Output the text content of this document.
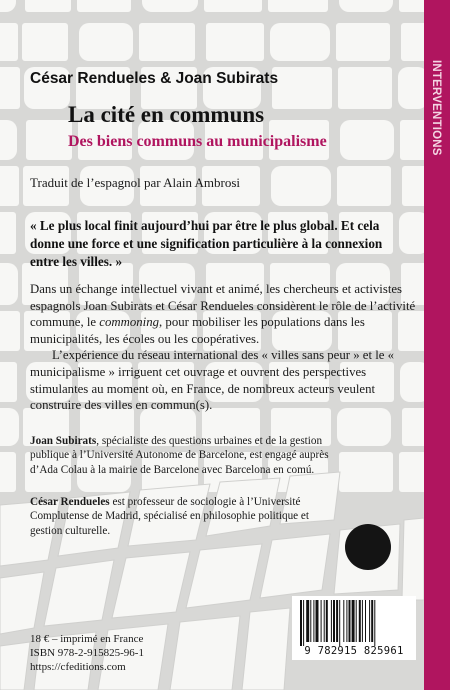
INTERVENTIONS

César Rendueles & Joan Subirats

La cité en communs

Des biens communs au municipalisme

Traduit de l’espagnol par Alain Ambrosi

« Le plus local finit aujourd’hui par être le plus global. Et cela donne une force et une signification particulière à la connexion entre les villes. »

Dans un échange intellectuel vivant et animé, les chercheurs et activistes espagnols Joan Subirats et César Rendueles considèrent le rôle de l’activité commune, le commoning, pour mobiliser les populations dans les municipalités, les écoles ou les coopératives.

L’expérience du réseau international des « villes sans peur » et le « municipalisme » irriguent cet ouvrage et ouvrent des perspectives stimulantes au moment où, en France, de nombreux acteurs veulent construire des villes en commun(s).

Joan Subirats, spécialiste des questions urbaines et de la gestion publique à l’Université Autonome de Barcelone, est engagé auprès d’Ada Colau à la mairie de Barcelone avec Barcelona en comú.

César Rendueles est professeur de sociologie à l’Université Complutense de Madrid, spécialisé en philosophie politique et gestion culturelle.

18 € – imprimé en France
ISBN 978-2-915825-96-1
https://cfeditions.com
9 782915 825961
